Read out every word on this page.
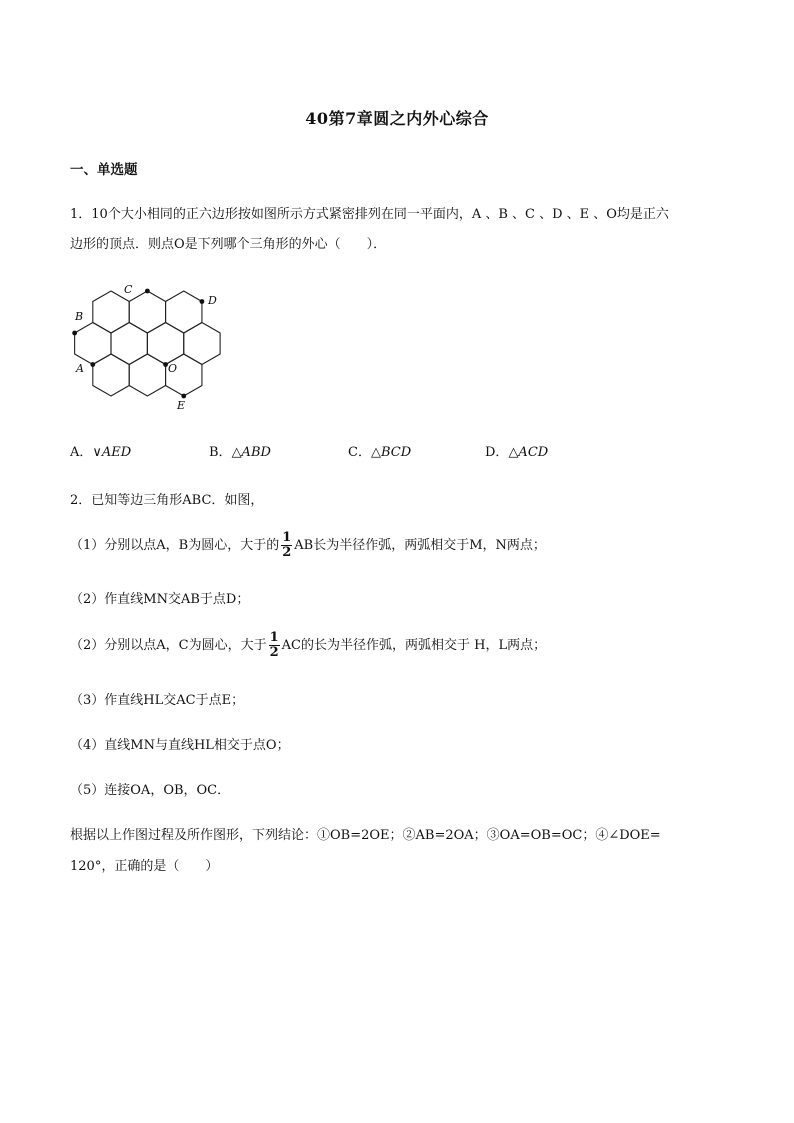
40第7章圆之内外心综合
一、单选题
1．10个大小相同的正六边形按如图所示方式紧密排列在同一平面内，A 、B 、C 、D 、E 、O均是正六
边形的顶点．则点O是下列哪个三角形的外心（　　）．
C
D
B
A	O
E
A．∨AED	B．△ABD	C．△BCD	D．△ACD
2．已知等边三角形ABC．如图，
（1）分别以点A，B为圆心，大于的 $\frac{1}{2}$ AB长为半径作弧，两弧相交于M，N两点；
（2）作直线MN交AB于点D；
（2）分别以点A，C为圆心，大于 $\frac{1}{2}$ AC的长为半径作弧，两弧相交于 H，L两点；
（3）作直线HL交AC于点E；
（4）直线MN与直线HL相交于点O；
（5）连接OA，OB，OC．
根据以上作图过程及所作图形，下列结论：①OB=2OE；②AB=2OA；③OA=OB=OC；④∠DOE=
120°，正确的是（　　）
